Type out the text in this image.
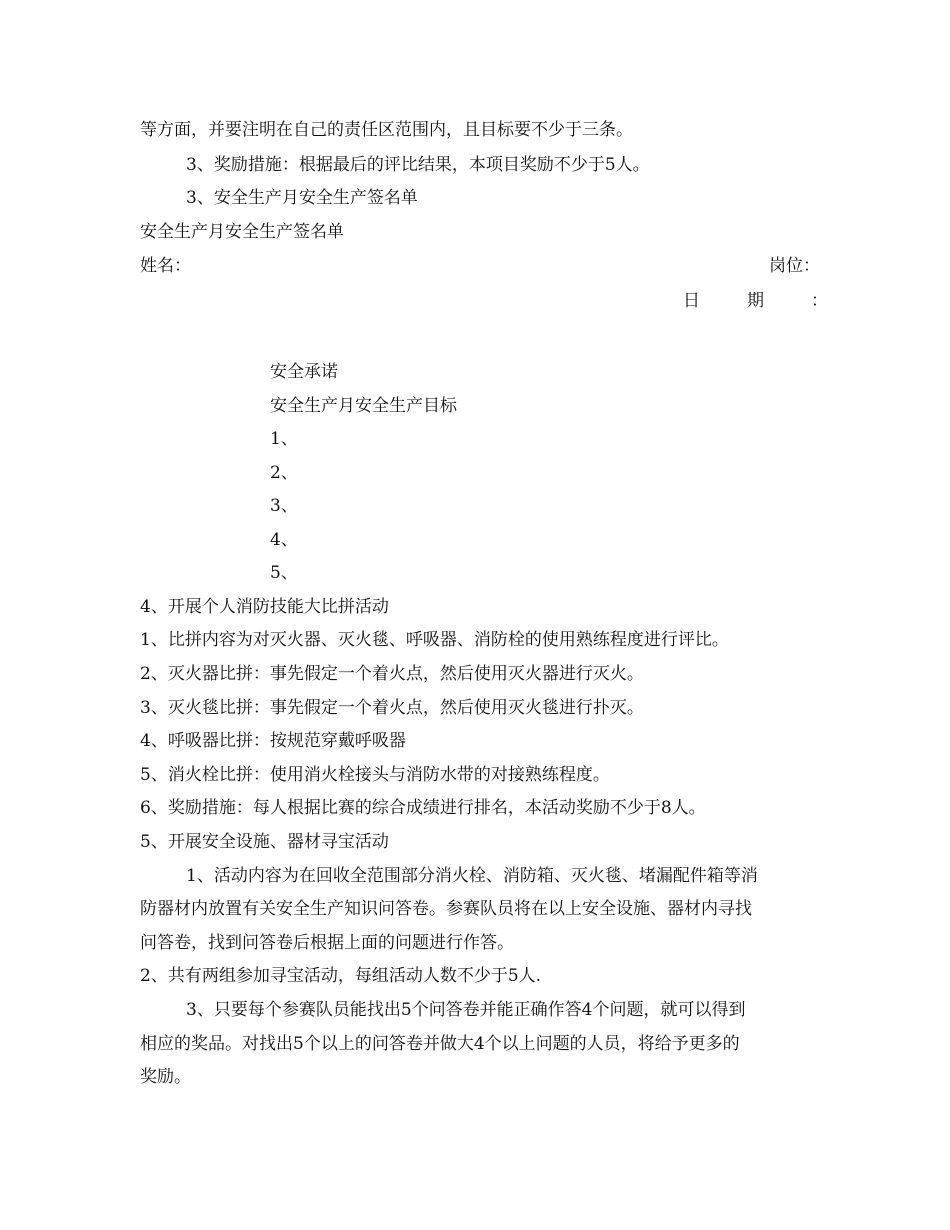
等方面，并要注明在自己的责任区范围内，且目标要不少于三条。
3、奖励措施：根据最后的评比结果，本项目奖励不少于5人。
3、安全生产月安全生产签名单
安全生产月安全生产签名单
姓名：	岗位：
日	期	：
安全承诺
安全生产月安全生产目标
1、
2、
3、
4、
5、
4、开展个人消防技能大比拼活动
1、比拼内容为对灭火器、灭火毯、呼吸器、消防栓的使用熟练程度进行评比。
2、灭火器比拼：事先假定一个着火点，然后使用灭火器进行灭火。
3、灭火毯比拼：事先假定一个着火点，然后使用灭火毯进行扑灭。
4、呼吸器比拼：按规范穿戴呼吸器
5、消火栓比拼：使用消火栓接头与消防水带的对接熟练程度。
6、奖励措施：每人根据比赛的综合成绩进行排名，本活动奖励不少于8人。
5、开展安全设施、器材寻宝活动
1、活动内容为在回收全范围部分消火栓、消防箱、灭火毯、堵漏配件箱等消
防器材内放置有关安全生产知识问答卷。参赛队员将在以上安全设施、器材内寻找
问答卷，找到问答卷后根据上面的问题进行作答。
2、共有两组参加寻宝活动，每组活动人数不少于5人.
3、只要每个参赛队员能找出5个问答卷并能正确作答4个问题，就可以得到
相应的奖品。对找出5个以上的问答卷并做大4个以上问题的人员，将给予更多的
奖励。
